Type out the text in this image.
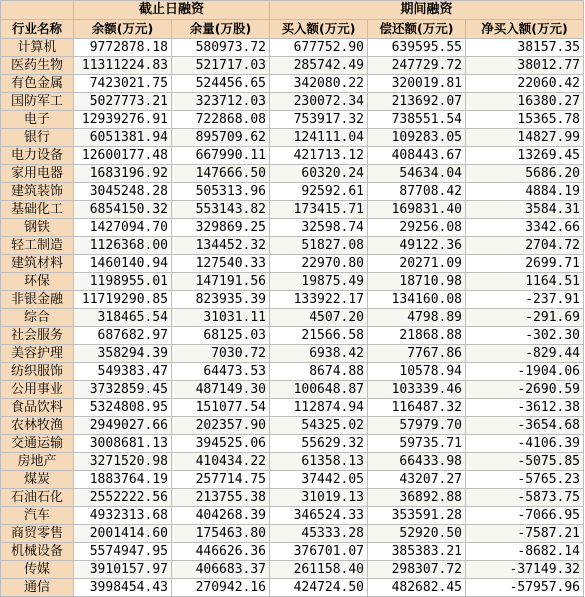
	截止日融资		期间融资		
行业名称	余额(万元)	余量(万股)	买入额(万元)	偿还额(万元)	净买入额(万元)
计算机	9772878.18	580973.72	677752.90	639595.55	38157.35
医药生物	11311224.83	521717.03	285742.49	247729.72	38012.77
有色金属	7423021.75	524456.65	342080.22	320019.81	22060.42
国防军工	5027773.21	323712.03	230072.34	213692.07	16380.27
电子	12939276.91	722868.08	753917.32	738551.54	15365.78
银行	6051381.94	895709.62	124111.04	109283.05	14827.99
电力设备	12600177.48	667990.11	421713.12	408443.67	13269.45
家用电器	1683196.92	147666.50	60320.24	54634.04	5686.20
建筑装饰	3045248.28	505313.96	92592.61	87708.42	4884.19
基础化工	6854150.32	553143.82	173415.71	169831.40	3584.31
钢铁	1427094.70	329869.25	32598.74	29256.08	3342.66
轻工制造	1126368.00	134452.32	51827.08	49122.36	2704.72
建筑材料	1460140.94	127540.33	22970.80	20271.09	2699.71
环保	1198955.01	147191.56	19875.49	18710.98	1164.51
非银金融	11719290.85	823935.39	133922.17	134160.08	-237.91
综合	318465.54	31031.11	4507.20	4798.89	-291.69
社会服务	687682.97	68125.03	21566.58	21868.88	-302.30
美容护理	358294.39	7030.72	6938.42	7767.86	-829.44
纺织服饰	549383.47	64473.53	8674.88	10578.94	-1904.06
公用事业	3732859.45	487149.30	100648.87	103339.46	-2690.59
食品饮料	5324808.95	151077.54	112874.94	116487.32	-3612.38
农林牧渔	2949027.66	202357.90	54325.02	57979.70	-3654.68
交通运输	3008681.13	394525.06	55629.32	59735.71	-4106.39
房地产	3271520.98	410434.22	61358.13	66433.98	-5075.85
煤炭	1883764.19	257714.75	37442.05	43207.27	-5765.23
石油石化	2552222.56	213755.38	31019.13	36892.88	-5873.75
汽车	4932313.68	404268.39	346524.33	353591.28	-7066.95
商贸零售	2001414.60	175463.80	45333.28	52920.50	-7587.21
机械设备	5574947.95	446626.36	376701.07	385383.21	-8682.14
传媒	3910157.97	406683.37	261158.40	298307.72	-37149.32
通信	3998454.43	270942.16	424724.50	482682.45	-57957.96
